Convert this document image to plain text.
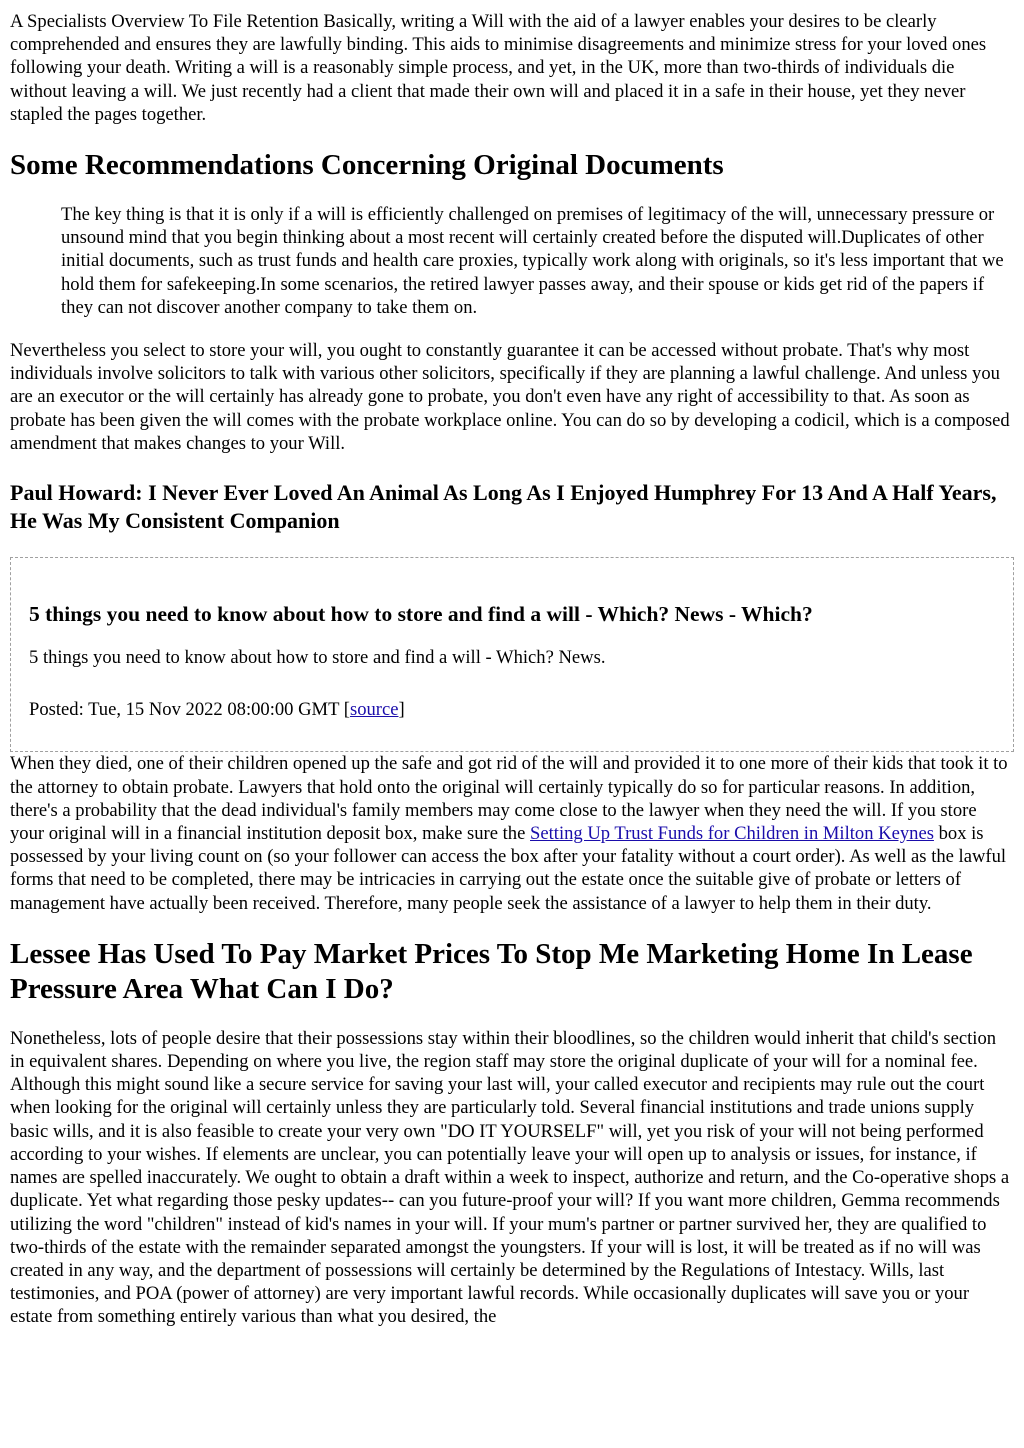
A Specialists Overview To File Retention Basically, writing a Will with the aid of a lawyer enables your desires to be clearly comprehended and ensures they are lawfully binding. This aids to minimise disagreements and minimize stress for your loved ones following your death. Writing a will is a reasonably simple process, and yet, in the UK, more than two-thirds of individuals die without leaving a will. We just recently had a client that made their own will and placed it in a safe in their house, yet they never stapled the pages together.

Some Recommendations Concerning Original Documents

The key thing is that it is only if a will is efficiently challenged on premises of legitimacy of the will, unnecessary pressure or unsound mind that you begin thinking about a most recent will certainly created before the disputed will.Duplicates of other initial documents, such as trust funds and health care proxies, typically work along with originals, so it's less important that we hold them for safekeeping.In some scenarios, the retired lawyer passes away, and their spouse or kids get rid of the papers if they can not discover another company to take them on.

Nevertheless you select to store your will, you ought to constantly guarantee it can be accessed without probate. That's why most individuals involve solicitors to talk with various other solicitors, specifically if they are planning a lawful challenge. And unless you are an executor or the will certainly has already gone to probate, you don't even have any right of accessibility to that. As soon as probate has been given the will comes with the probate workplace online. You can do so by developing a codicil, which is a composed amendment that makes changes to your Will.

Paul Howard: I Never Ever Loved An Animal As Long As I Enjoyed Humphrey For 13 And A Half Years, He Was My Consistent Companion
5 things you need to know about how to store and find a will - Which? News - Which?

5 things you need to know about how to store and find a will - Which? News.

Posted: Tue, 15 Nov 2022 08:00:00 GMT [source]

When they died, one of their children opened up the safe and got rid of the will and provided it to one more of their kids that took it to the attorney to obtain probate. Lawyers that hold onto the original will certainly typically do so for particular reasons. In addition, there's a probability that the dead individual's family members may come close to the lawyer when they need the will. If you store your original will in a financial institution deposit box, make sure the Setting Up Trust Funds for Children in Milton Keynes box is possessed by your living count on (so your follower can access the box after your fatality without a court order). As well as the lawful forms that need to be completed, there may be intricacies in carrying out the estate once the suitable give of probate or letters of management have actually been received. Therefore, many people seek the assistance of a lawyer to help them in their duty.

Lessee Has Used To Pay Market Prices To Stop Me Marketing Home In Lease Pressure Area What Can I Do?

Nonetheless, lots of people desire that their possessions stay within their bloodlines, so the children would inherit that child's section in equivalent shares. Depending on where you live, the region staff may store the original duplicate of your will for a nominal fee. Although this might sound like a secure service for saving your last will, your called executor and recipients may rule out the court when looking for the original will certainly unless they are particularly told. Several financial institutions and trade unions supply basic wills, and it is also feasible to create your very own "DO IT YOURSELF" will, yet you risk of your will not being performed according to your wishes. If elements are unclear, you can potentially leave your will open up to analysis or issues, for instance, if names are spelled inaccurately. We ought to obtain a draft within a week to inspect, authorize and return, and the Co-operative shops a duplicate. Yet what regarding those pesky updates-- can you future-proof your will? If you want more children, Gemma recommends utilizing the word "children" instead of kid's names in your will. If your mum's partner or partner survived her, they are qualified to two-thirds of the estate with the remainder separated amongst the youngsters. If your will is lost, it will be treated as if no will was created in any way, and the department of possessions will certainly be determined by the Regulations of Intestacy. Wills, last testimonies, and POA (power of attorney) are very important lawful records. While occasionally duplicates will save you or your estate from something entirely various than what you desired, the
